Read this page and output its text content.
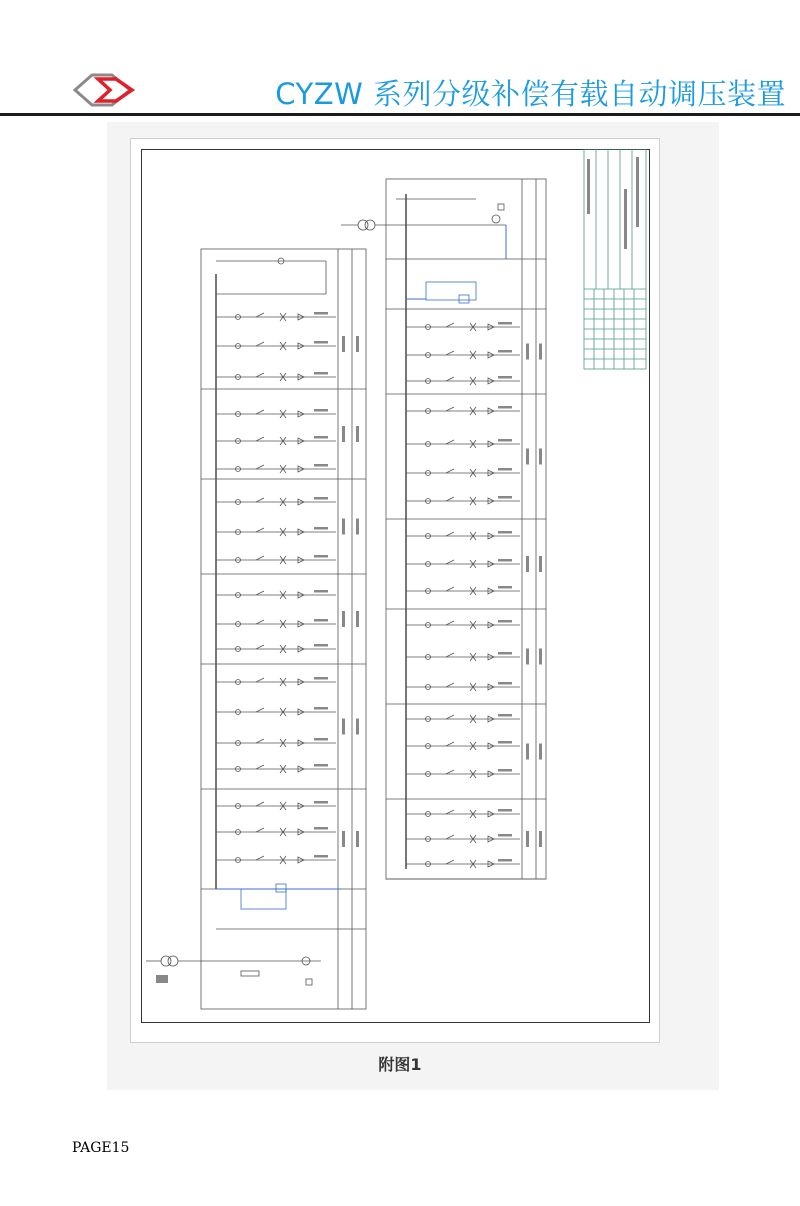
CYZW 系列分级补偿有载自动调压装置
附图1
PAGE15
